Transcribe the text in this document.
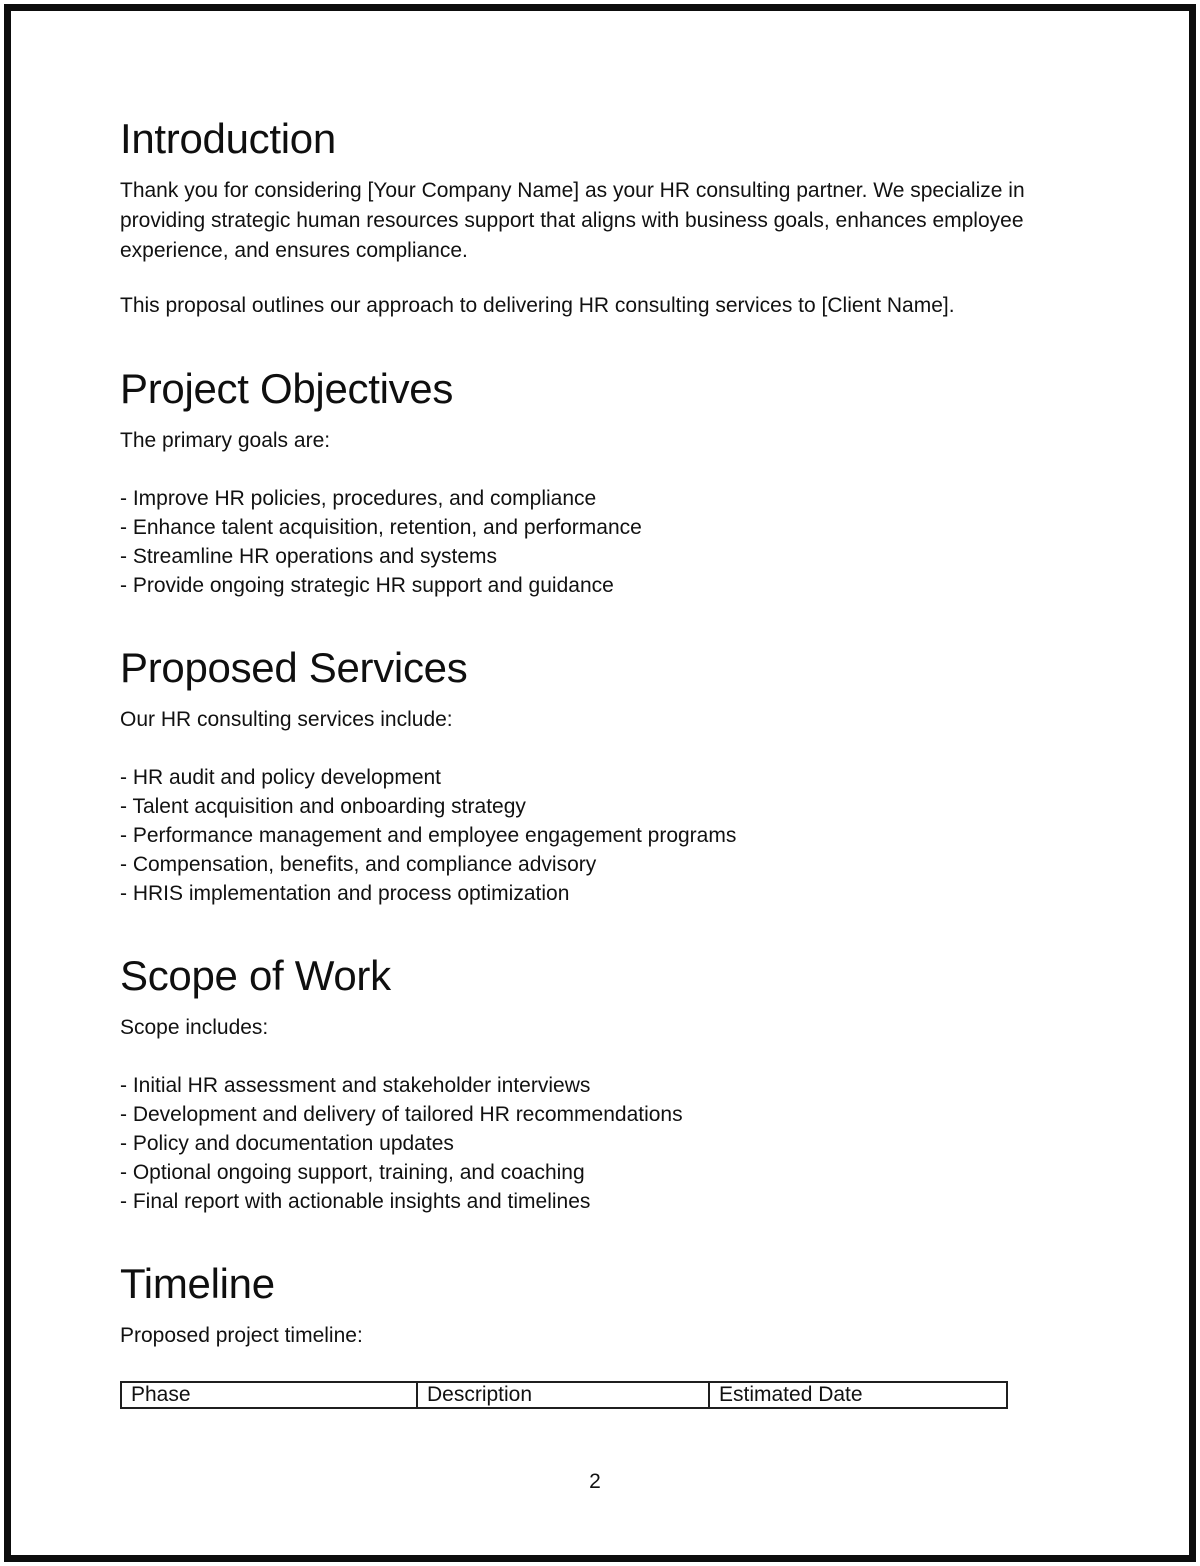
Introduction

Thank you for considering [Your Company Name] as your HR consulting partner. We specialize in providing strategic human resources support that aligns with business goals, enhances employee experience, and ensures compliance.

This proposal outlines our approach to delivering HR consulting services to [Client Name].

Project Objectives

The primary goals are:

- Improve HR policies, procedures, and compliance

- Enhance talent acquisition, retention, and performance

- Streamline HR operations and systems

- Provide ongoing strategic HR support and guidance

Proposed Services

Our HR consulting services include:

- HR audit and policy development

- Talent acquisition and onboarding strategy

- Performance management and employee engagement programs

- Compensation, benefits, and compliance advisory

- HRIS implementation and process optimization

Scope of Work

Scope includes:

- Initial HR assessment and stakeholder interviews

- Development and delivery of tailored HR recommendations

- Policy and documentation updates

- Optional ongoing support, training, and coaching

- Final report with actionable insights and timelines

Timeline

Proposed project timeline:

Phase	Description	Estimated Date
2
